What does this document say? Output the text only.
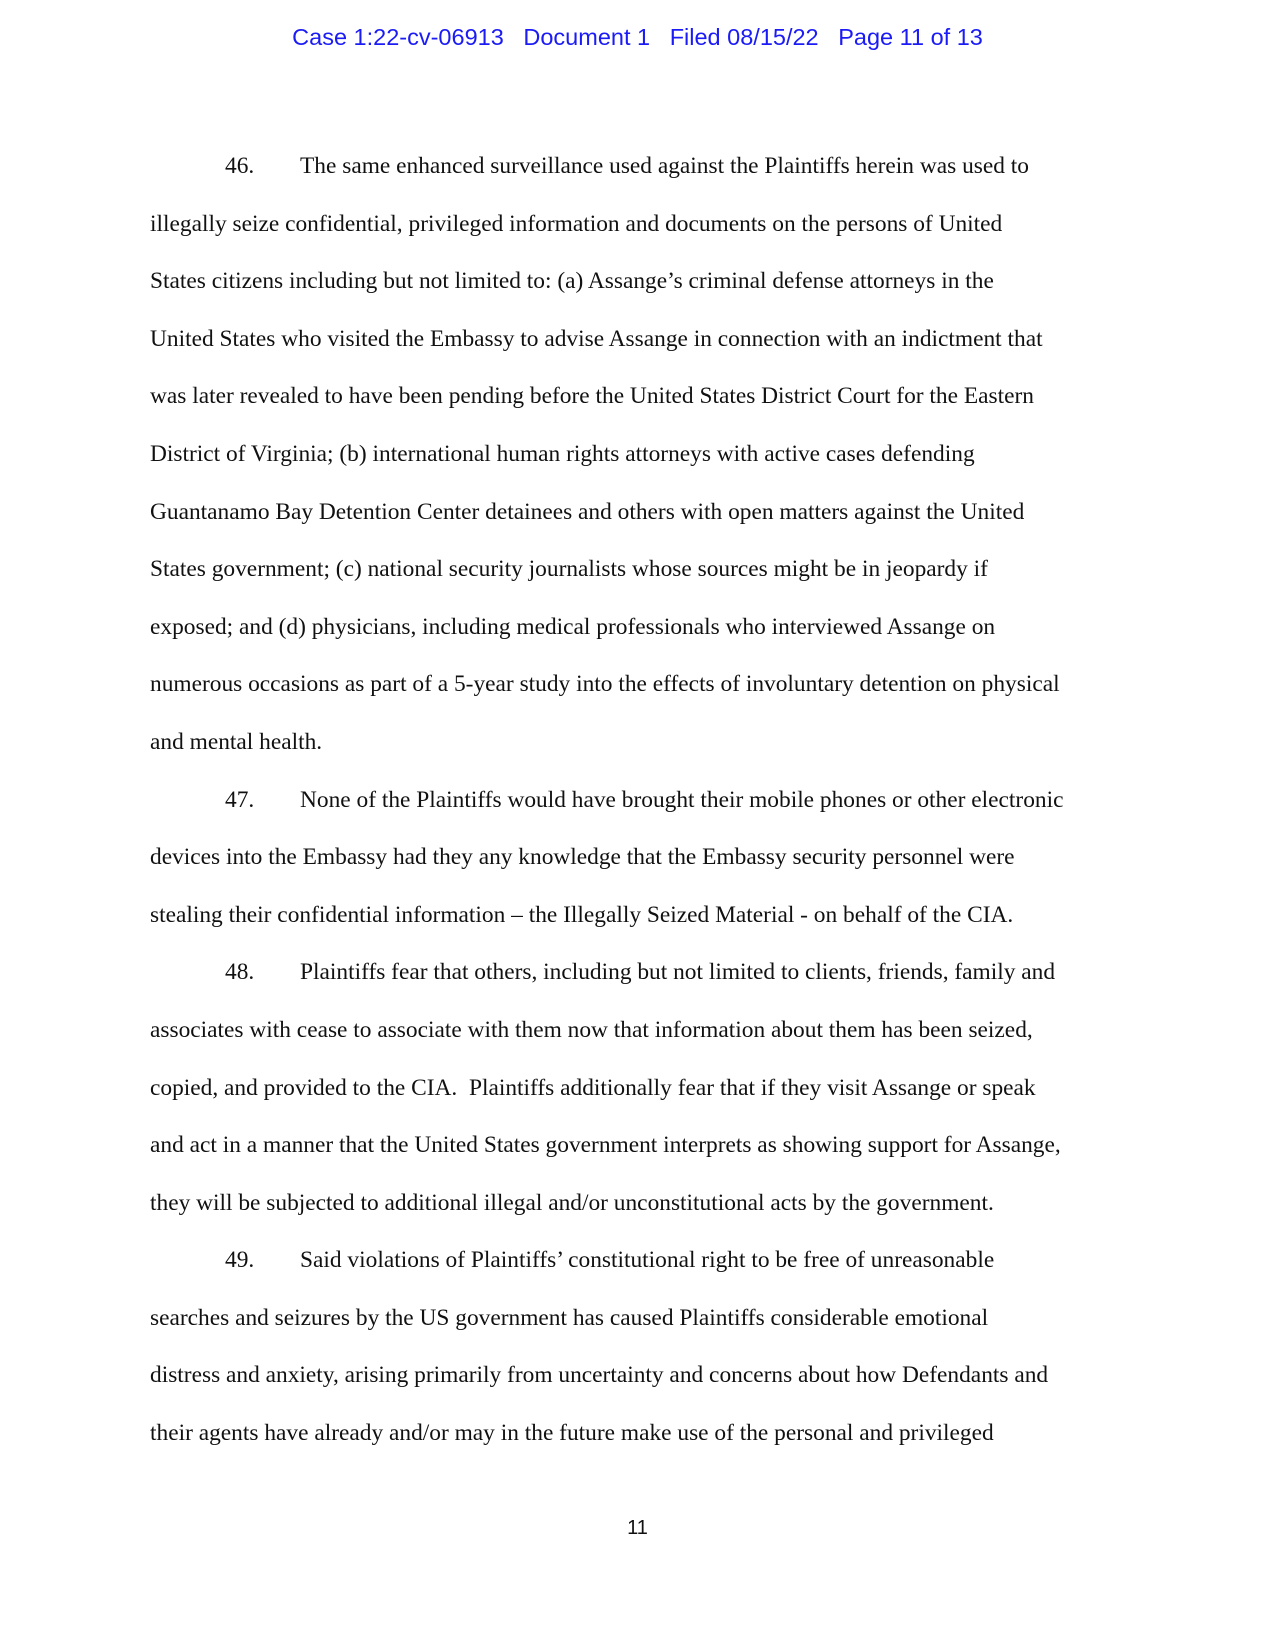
Case 1:22-cv-06913 Document 1 Filed 08/15/22 Page 11 of 13
46. The same enhanced surveillance used against the Plaintiffs herein was used to
illegally seize confidential, privileged information and documents on the persons of United
States citizens including but not limited to: (a) Assange’s criminal defense attorneys in the
United States who visited the Embassy to advise Assange in connection with an indictment that
was later revealed to have been pending before the United States District Court for the Eastern
District of Virginia; (b) international human rights attorneys with active cases defending
Guantanamo Bay Detention Center detainees and others with open matters against the United
States government; (c) national security journalists whose sources might be in jeopardy if
exposed; and (d) physicians, including medical professionals who interviewed Assange on
numerous occasions as part of a 5-year study into the effects of involuntary detention on physical
and mental health.
47. None of the Plaintiffs would have brought their mobile phones or other electronic
devices into the Embassy had they any knowledge that the Embassy security personnel were
stealing their confidential information – the Illegally Seized Material - on behalf of the CIA.
48. Plaintiffs fear that others, including but not limited to clients, friends, family and
associates with cease to associate with them now that information about them has been seized,
copied, and provided to the CIA.  Plaintiffs additionally fear that if they visit Assange or speak
and act in a manner that the United States government interprets as showing support for Assange,
they will be subjected to additional illegal and/or unconstitutional acts by the government.
49. Said violations of Plaintiffs’ constitutional right to be free of unreasonable
searches and seizures by the US government has caused Plaintiffs considerable emotional
distress and anxiety, arising primarily from uncertainty and concerns about how Defendants and
their agents have already and/or may in the future make use of the personal and privileged
11
